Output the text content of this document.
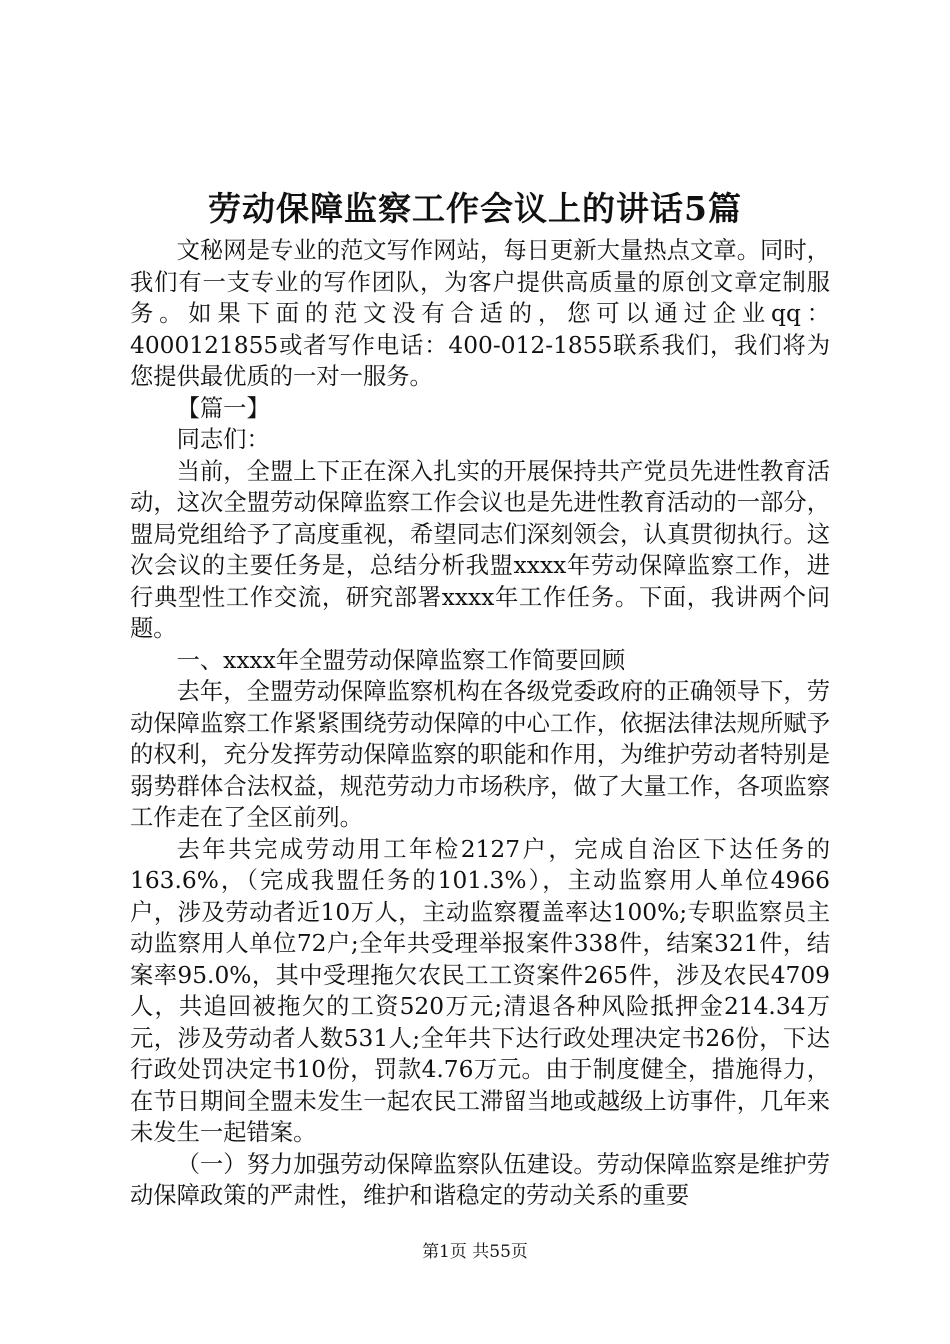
劳动保障监察工作会议上的讲话5篇

文秘网是专业的范文写作网站，每日更新大量热点文章。同时，我们有一支专业的写作团队，为客户提供高质量的原创文章定制服务。如果下面的范文没有合适的，您可以通过企业qq：4000121855或者写作电话：400-012-1855联系我们，我们将为您提供最优质的一对一服务。

【篇一】

同志们：

当前，全盟上下正在深入扎实的开展保持共产党员先进性教育活动，这次全盟劳动保障监察工作会议也是先进性教育活动的一部分，盟局党组给予了高度重视，希望同志们深刻领会，认真贯彻执行。这次会议的主要任务是，总结分析我盟xxxx年劳动保障监察工作，进行典型性工作交流，研究部署xxxx年工作任务。下面，我讲两个问题。

一、xxxx年全盟劳动保障监察工作简要回顾

去年，全盟劳动保障监察机构在各级党委政府的正确领导下，劳动保障监察工作紧紧围绕劳动保障的中心工作，依据法律法规所赋予的权利，充分发挥劳动保障监察的职能和作用，为维护劳动者特别是弱势群体合法权益，规范劳动力市场秩序，做了大量工作，各项监察工作走在了全区前列。

去年共完成劳动用工年检2127户，完成自治区下达任务的163.6%，（完成我盟任务的101.3%），主动监察用人单位4966户，涉及劳动者近10万人，主动监察覆盖率达100%;专职监察员主动监察用人单位72户;全年共受理举报案件338件，结案321件，结案率95.0%，其中受理拖欠农民工工资案件265件，涉及农民4709人，共追回被拖欠的工资520万元;清退各种风险抵押金214.34万元，涉及劳动者人数531人;全年共下达行政处理决定书26份，下达行政处罚决定书10份，罚款4.76万元。由于制度健全，措施得力，在节日期间全盟未发生一起农民工滞留当地或越级上访事件，几年来未发生一起错案。

（一）努力加强劳动保障监察队伍建设。劳动保障监察是维护劳动保障政策的严肃性，维护和谐稳定的劳动关系的重要

第1页 共55页
